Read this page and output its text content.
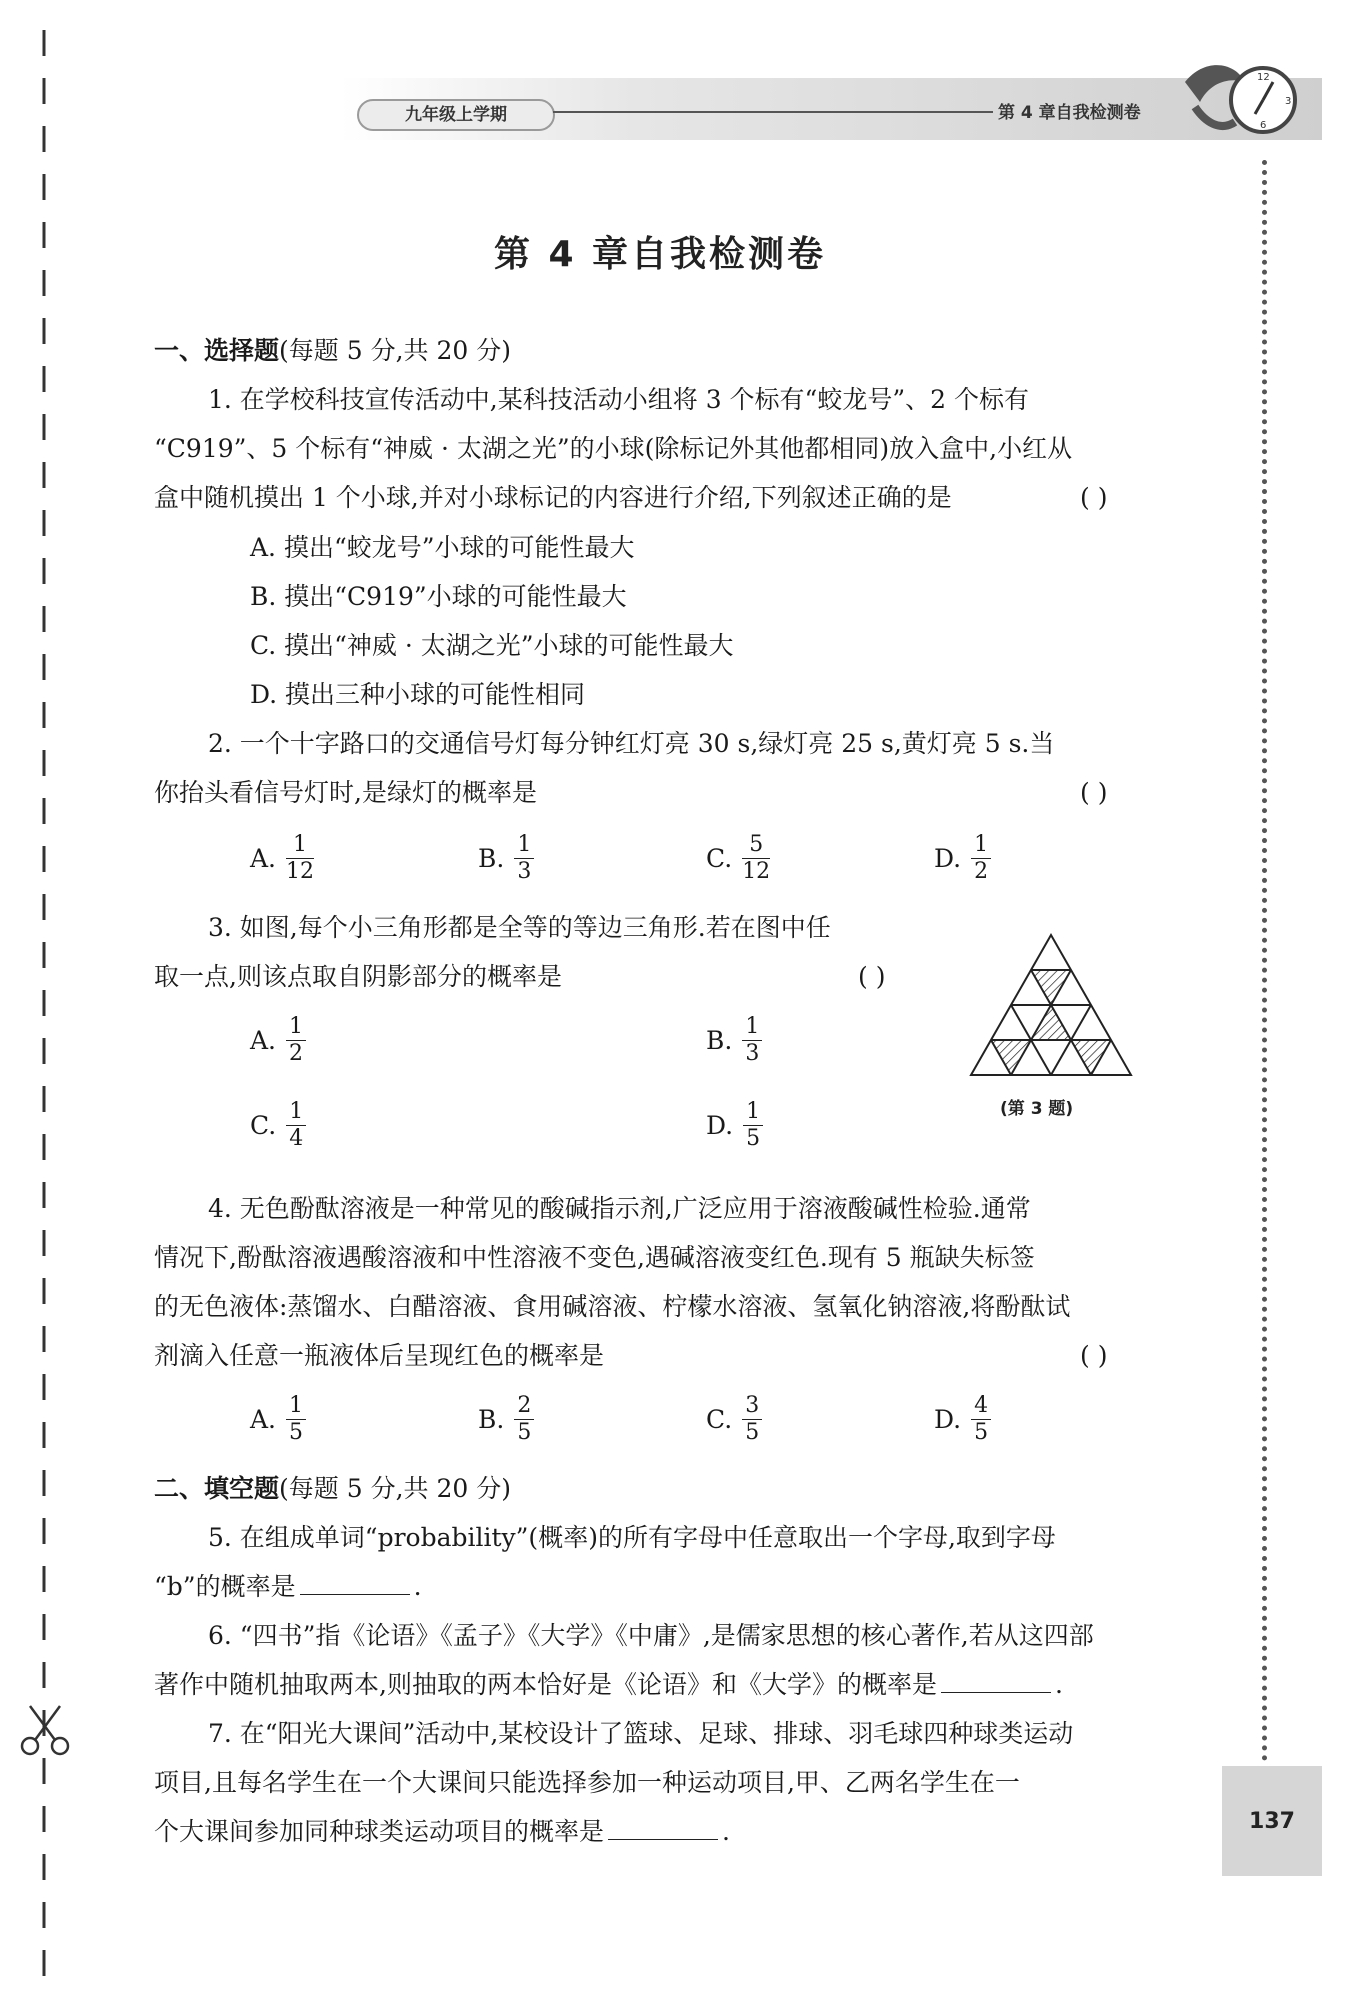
九年级上学期	第 4 章自我检测卷
12
3
6
137
第 4 章自我检测卷
一、选择题(每题 5 分,共 20 分)
1. 在学校科技宣传活动中,某科技活动小组将 3 个标有“蛟龙号”、2 个标有
“C919”、5 个标有“神威 · 太湖之光”的小球(除标记外其他都相同)放入盒中,小红从
盒中随机摸出 1 个小球,并对小球标记的内容进行介绍,下列叙述正确的是	( )
A. 摸出“蛟龙号”小球的可能性最大
B. 摸出“C919”小球的可能性最大
C. 摸出“神威 · 太湖之光”小球的可能性最大
D. 摸出三种小球的可能性相同
2. 一个十字路口的交通信号灯每分钟红灯亮 30 s,绿灯亮 25 s,黄灯亮 5 s.当
你抬头看信号灯时,是绿灯的概率是	( )
A. $\frac{1}{12}$	B. $\frac{1}{3}$	C. $\frac{5}{12}$	D. $\frac{1}{2}$
3. 如图,每个小三角形都是全等的等边三角形.若在图中任
取一点,则该点取自阴影部分的概率是	( )
A. $\frac{1}{2}$	B. $\frac{1}{3}$
C. $\frac{1}{4}$	D. $\frac{1}{5}$	(第 3 题)
4. 无色酚酞溶液是一种常见的酸碱指示剂,广泛应用于溶液酸碱性检验.通常
情况下,酚酞溶液遇酸溶液和中性溶液不变色,遇碱溶液变红色.现有 5 瓶缺失标签
的无色液体:蒸馏水、白醋溶液、食用碱溶液、柠檬水溶液、氢氧化钠溶液,将酚酞试
剂滴入任意一瓶液体后呈现红色的概率是	( )
A. $\frac{1}{5}$	B. $\frac{2}{5}$	C. $\frac{3}{5}$	D. $\frac{4}{5}$
二、填空题(每题 5 分,共 20 分)
5. 在组成单词“probability”(概率)的所有字母中任意取出一个字母,取到字母
“b”的概率是	.
6. “四书”指《论语》《孟子》《大学》《中庸》,是儒家思想的核心著作,若从这四部
著作中随机抽取两本,则抽取的两本恰好是《论语》和《大学》的概率是	.
7. 在“阳光大课间”活动中,某校设计了篮球、足球、排球、羽毛球四种球类运动
项目,且每名学生在一个大课间只能选择参加一种运动项目,甲、乙两名学生在一
个大课间参加同种球类运动项目的概率是	.
